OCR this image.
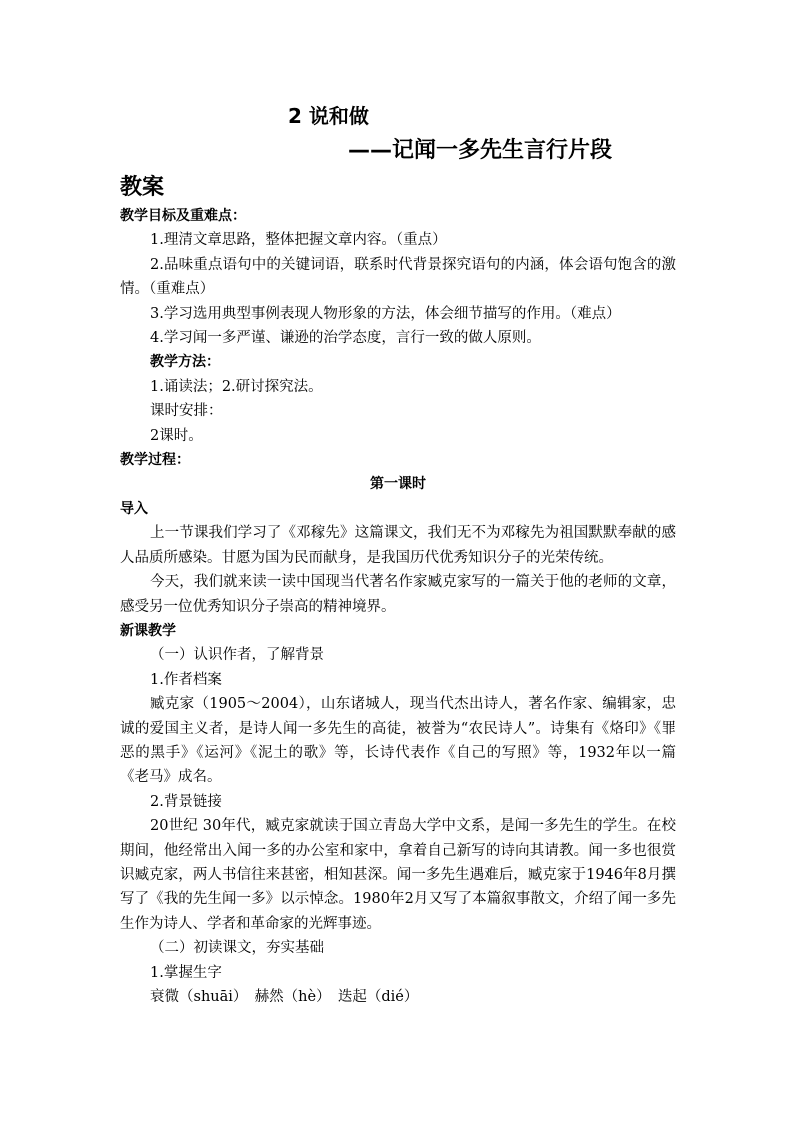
2 说和做
——记闻一多先生言行片段
教案

教学目标及重难点：

1.理清文章思路，整体把握文章内容。（重点）

2.品味重点语句中的关键词语，联系时代背景探究语句的内涵，体会语句饱含的激情。（重难点）

3.学习选用典型事例表现人物形象的方法，体会细节描写的作用。（难点）

4.学习闻一多严谨、谦逊的治学态度，言行一致的做人原则。

教学方法：

1.诵读法；2.研讨探究法。

课时安排：

2课时。

教学过程：

第一课时

导入

上一节课我们学习了《邓稼先》这篇课文，我们无不为邓稼先为祖国默默奉献的感人品质所感染。甘愿为国为民而献身，是我国历代优秀知识分子的光荣传统。

今天，我们就来读一读中国现当代著名作家臧克家写的一篇关于他的老师的文章，感受另一位优秀知识分子崇高的精神境界。

新课教学

（一）认识作者，了解背景

1.作者档案

臧克家（1905～2004），山东诸城人，现当代杰出诗人，著名作家、编辑家，忠诚的爱国主义者，是诗人闻一多先生的高徒，被誉为“农民诗人”。诗集有《烙印》《罪恶的黑手》《运河》《泥土的歌》等，长诗代表作《自己的写照》等，1932年以一篇《老马》成名。

2.背景链接

20世纪 30年代，臧克家就读于国立青岛大学中文系，是闻一多先生的学生。在校期间，他经常出入闻一多的办公室和家中，拿着自己新写的诗向其请教。闻一多也很赏识臧克家，两人书信往来甚密，相知甚深。闻一多先生遇难后，臧克家于1946年8月撰写了《我的先生闻一多》以示悼念。1980年2月又写了本篇叙事散文，介绍了闻一多先生作为诗人、学者和革命家的光辉事迹。

（二）初读课文，夯实基础

1.掌握生字

衰微（shuāi）　赫然（hè）　迭起（dié）
